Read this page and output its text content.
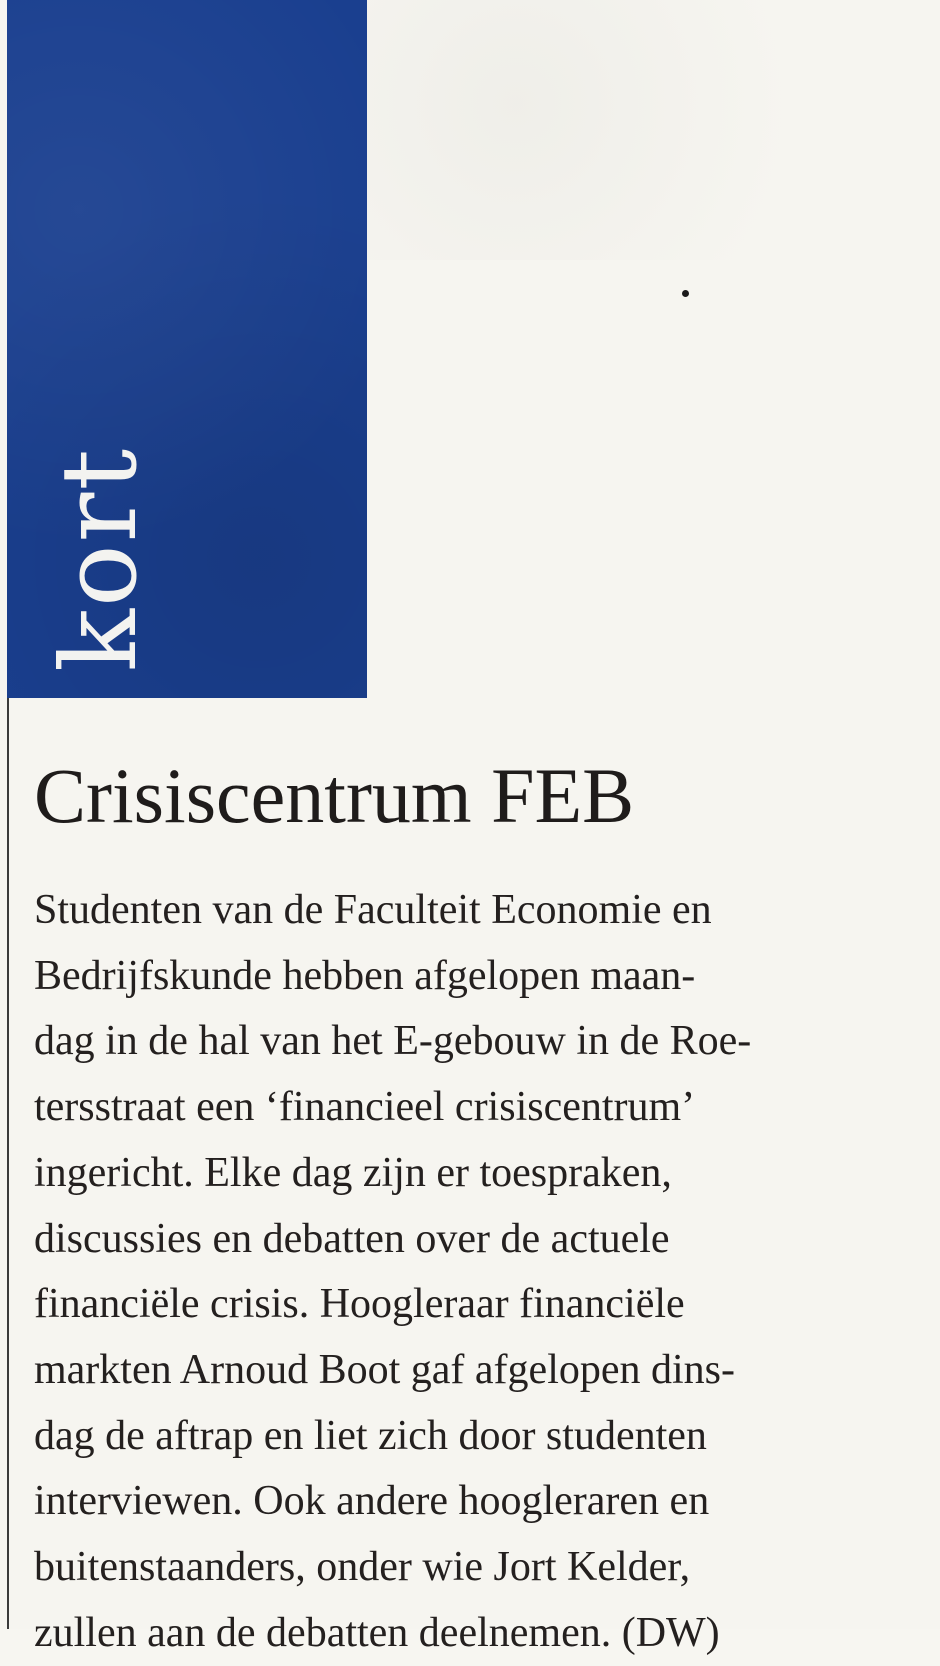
kort
Crisiscentrum FEB
Studenten van de Faculteit Economie en
Bedrijfskunde hebben afgelopen maan-
dag in de hal van het E-gebouw in de Roe-
tersstraat een ‘financieel crisiscentrum’
ingericht. Elke dag zijn er toespraken,
discussies en debatten over de actuele
financiële crisis. Hoogleraar financiële
markten Arnoud Boot gaf afgelopen dins-
dag de aftrap en liet zich door studenten
interviewen. Ook andere hoogleraren en
buitenstaanders, onder wie Jort Kelder,
zullen aan de debatten deelnemen. (DW)
